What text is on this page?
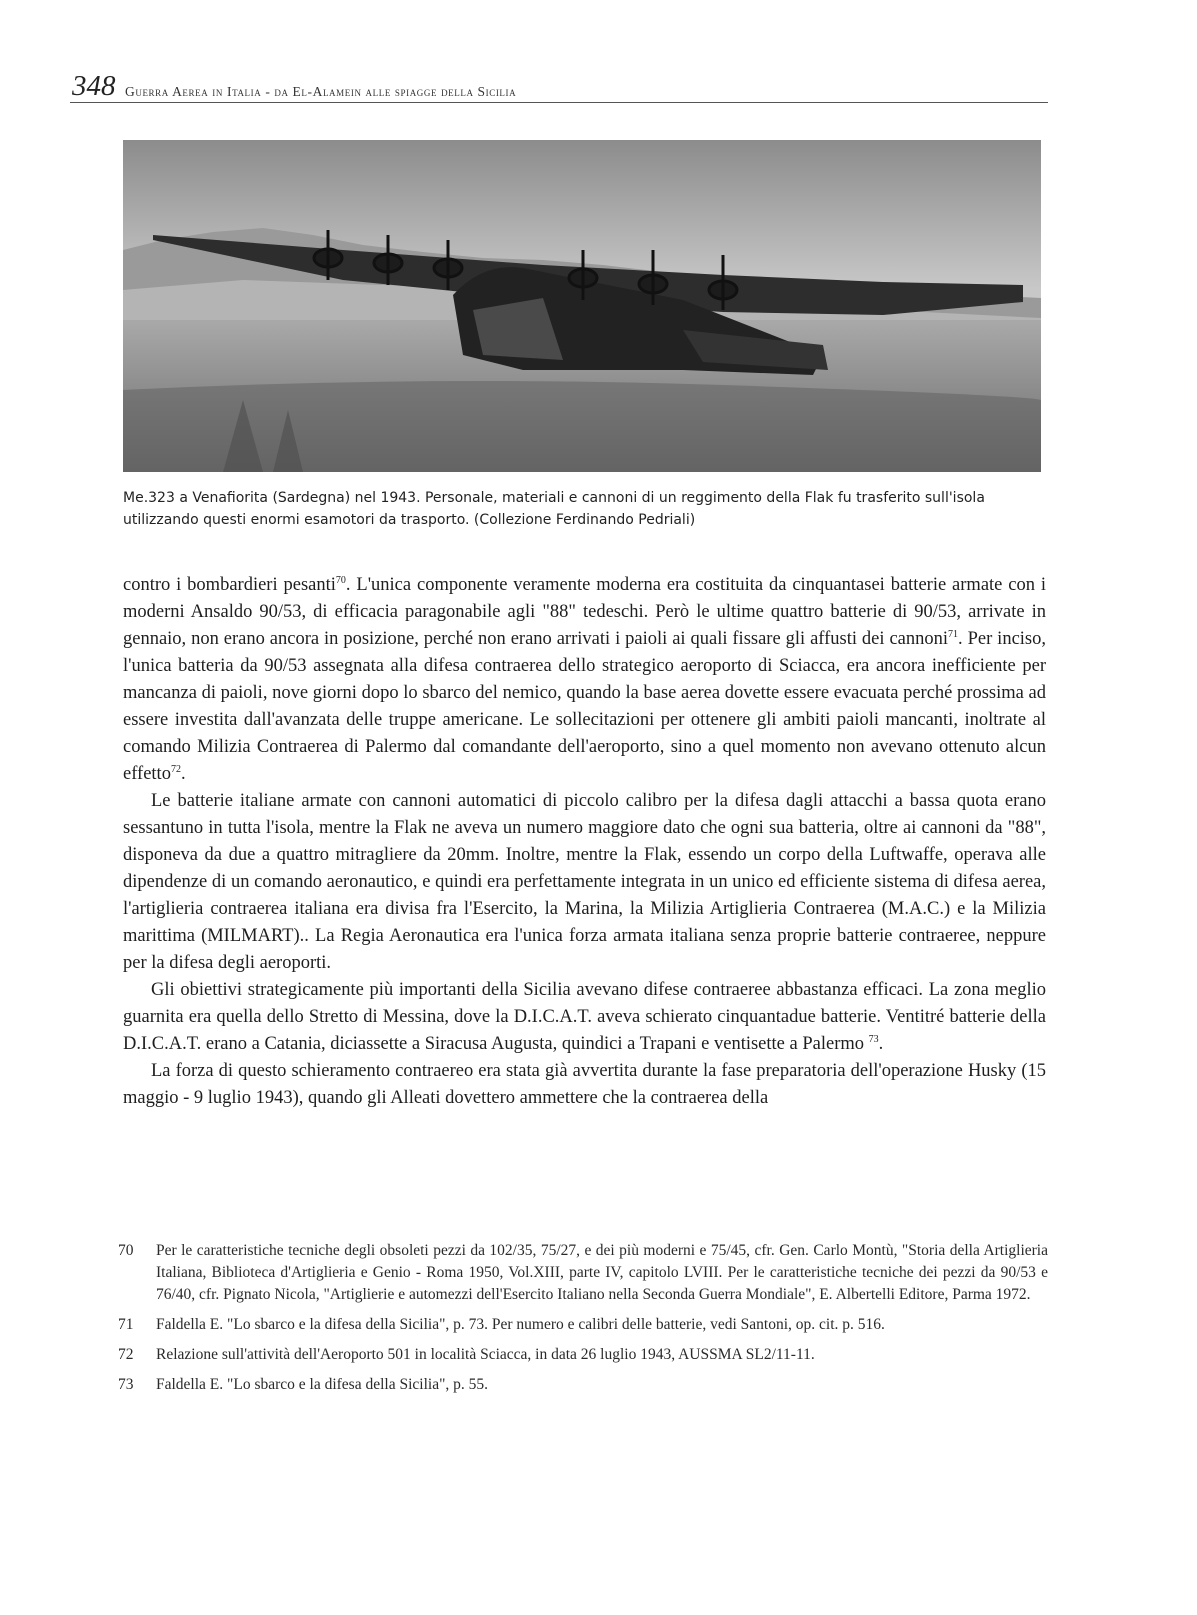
348 Guerra Aerea in Italia - da El-Alamein alle spiagge della Sicilia
Me.323 a Venafiorita (Sardegna) nel 1943. Personale, materiali e cannoni di un reggimento della Flak fu trasferito sull'isola utilizzando questi enormi esamotori da trasporto. (Collezione Ferdinando Pedriali)

contro i bombardieri pesanti$^{70}$. L'unica componente veramente moderna era costituita da cinquantasei batterie armate con i moderni Ansaldo 90/53, di efficacia paragonabile agli "88" tedeschi. Però le ultime quattro batterie di 90/53, arrivate in gennaio, non erano ancora in posizione, perché non erano arrivati i paioli ai quali fissare gli affusti dei cannoni$^{71}$. Per inciso, l'unica batteria da 90/53 assegnata alla difesa contraerea dello strategico aeroporto di Sciacca, era ancora inefficiente per mancanza di paioli, nove giorni dopo lo sbarco del nemico, quando la base aerea dovette essere evacuata perché prossima ad essere investita dall'avanzata delle truppe americane. Le sollecitazioni per ottenere gli ambiti paioli mancanti, inoltrate al comando Milizia Contraerea di Palermo dal comandante dell'aeroporto, sino a quel momento non avevano ottenuto alcun effetto$^{72}$.

Le batterie italiane armate con cannoni automatici di piccolo calibro per la difesa dagli attacchi a bassa quota erano sessantuno in tutta l'isola, mentre la Flak ne aveva un numero maggiore dato che ogni sua batteria, oltre ai cannoni da "88", disponeva da due a quattro mitragliere da 20mm. Inoltre, mentre la Flak, essendo un corpo della Luftwaffe, operava alle dipendenze di un comando aeronautico, e quindi era perfettamente integrata in un unico ed efficiente sistema di difesa aerea, l'artiglieria contraerea italiana era divisa fra l'Esercito, la Marina, la Milizia Artiglieria Contraerea (M.A.C.) e la Milizia marittima (MILMART).. La Regia Aeronautica era l'unica forza armata italiana senza proprie batterie contraeree, neppure per la difesa degli aeroporti.

Gli obiettivi strategicamente più importanti della Sicilia avevano difese contraeree abbastanza efficaci. La zona meglio guarnita era quella dello Stretto di Messina, dove la D.I.C.A.T. aveva schierato cinquantadue batterie. Ventitré batterie della D.I.C.A.T. erano a Catania, diciassette a Siracusa Augusta, quindici a Trapani e ventisette a Palermo $^{73}$.

La forza di questo schieramento contraereo era stata già avvertita durante la fase preparatoria dell'operazione Husky (15 maggio - 9 luglio 1943), quando gli Alleati dovettero ammettere che la contraerea della

70	Per le caratteristiche tecniche degli obsoleti pezzi da 102/35, 75/27, e dei più moderni e 75/45, cfr. Gen. Carlo Montù, "Storia della Artiglieria Italiana, Biblioteca d'Artiglieria e Genio - Roma 1950, Vol.XIII, parte IV, capitolo LVIII. Per le caratteristiche tecniche dei pezzi da 90/53 e 76/40, cfr. Pignato Nicola, "Artiglierie e automezzi dell'Esercito Italiano nella Seconda Guerra Mondiale", E. Albertelli Editore, Parma 1972.
71	Faldella E. "Lo sbarco e la difesa della Sicilia", p. 73. Per numero e calibri delle batterie, vedi Santoni, op. cit. p. 516.
72	Relazione sull'attività dell'Aeroporto 501 in località Sciacca, in data 26 luglio 1943, AUSSMA SL2/11-11.
73	Faldella E. "Lo sbarco e la difesa della Sicilia", p. 55.
